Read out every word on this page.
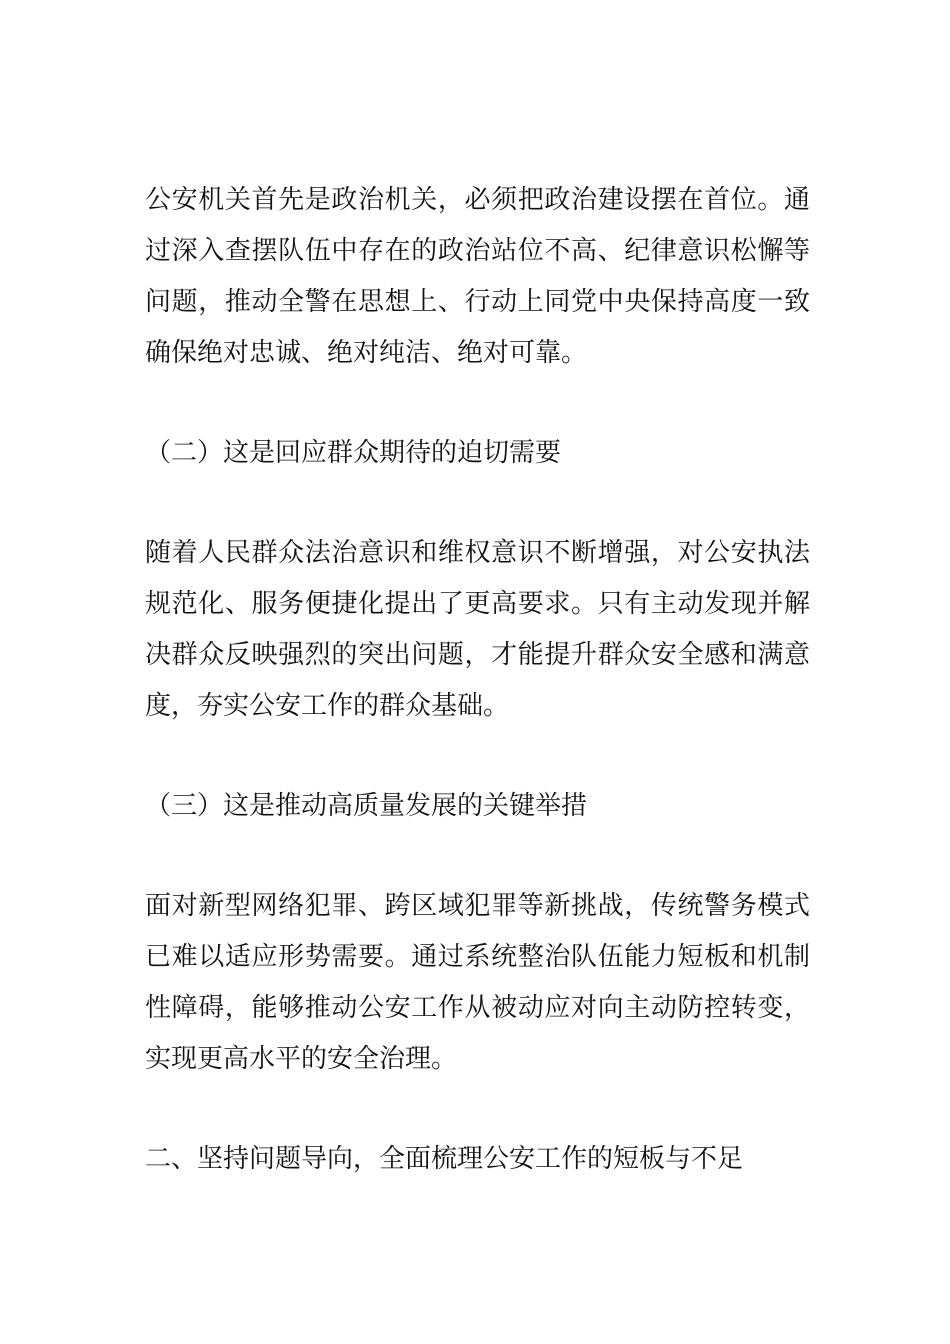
公安机关首先是政治机关，必须把政治建设摆在首位。通过深入查摆队伍中存在的政治站位不高、纪律意识松懈等问题，推动全警在思想上、行动上同党中央保持高度一致确保绝对忠诚、绝对纯洁、绝对可靠。

（二）这是回应群众期待的迫切需要

随着人民群众法治意识和维权意识不断增强，对公安执法规范化、服务便捷化提出了更高要求。只有主动发现并解决群众反映强烈的突出问题，才能提升群众安全感和满意度，夯实公安工作的群众基础。

（三）这是推动高质量发展的关键举措

面对新型网络犯罪、跨区域犯罪等新挑战，传统警务模式已难以适应形势需要。通过系统整治队伍能力短板和机制性障碍，能够推动公安工作从被动应对向主动防控转变，实现更高水平的安全治理。

二、坚持问题导向，全面梳理公安工作的短板与不足
